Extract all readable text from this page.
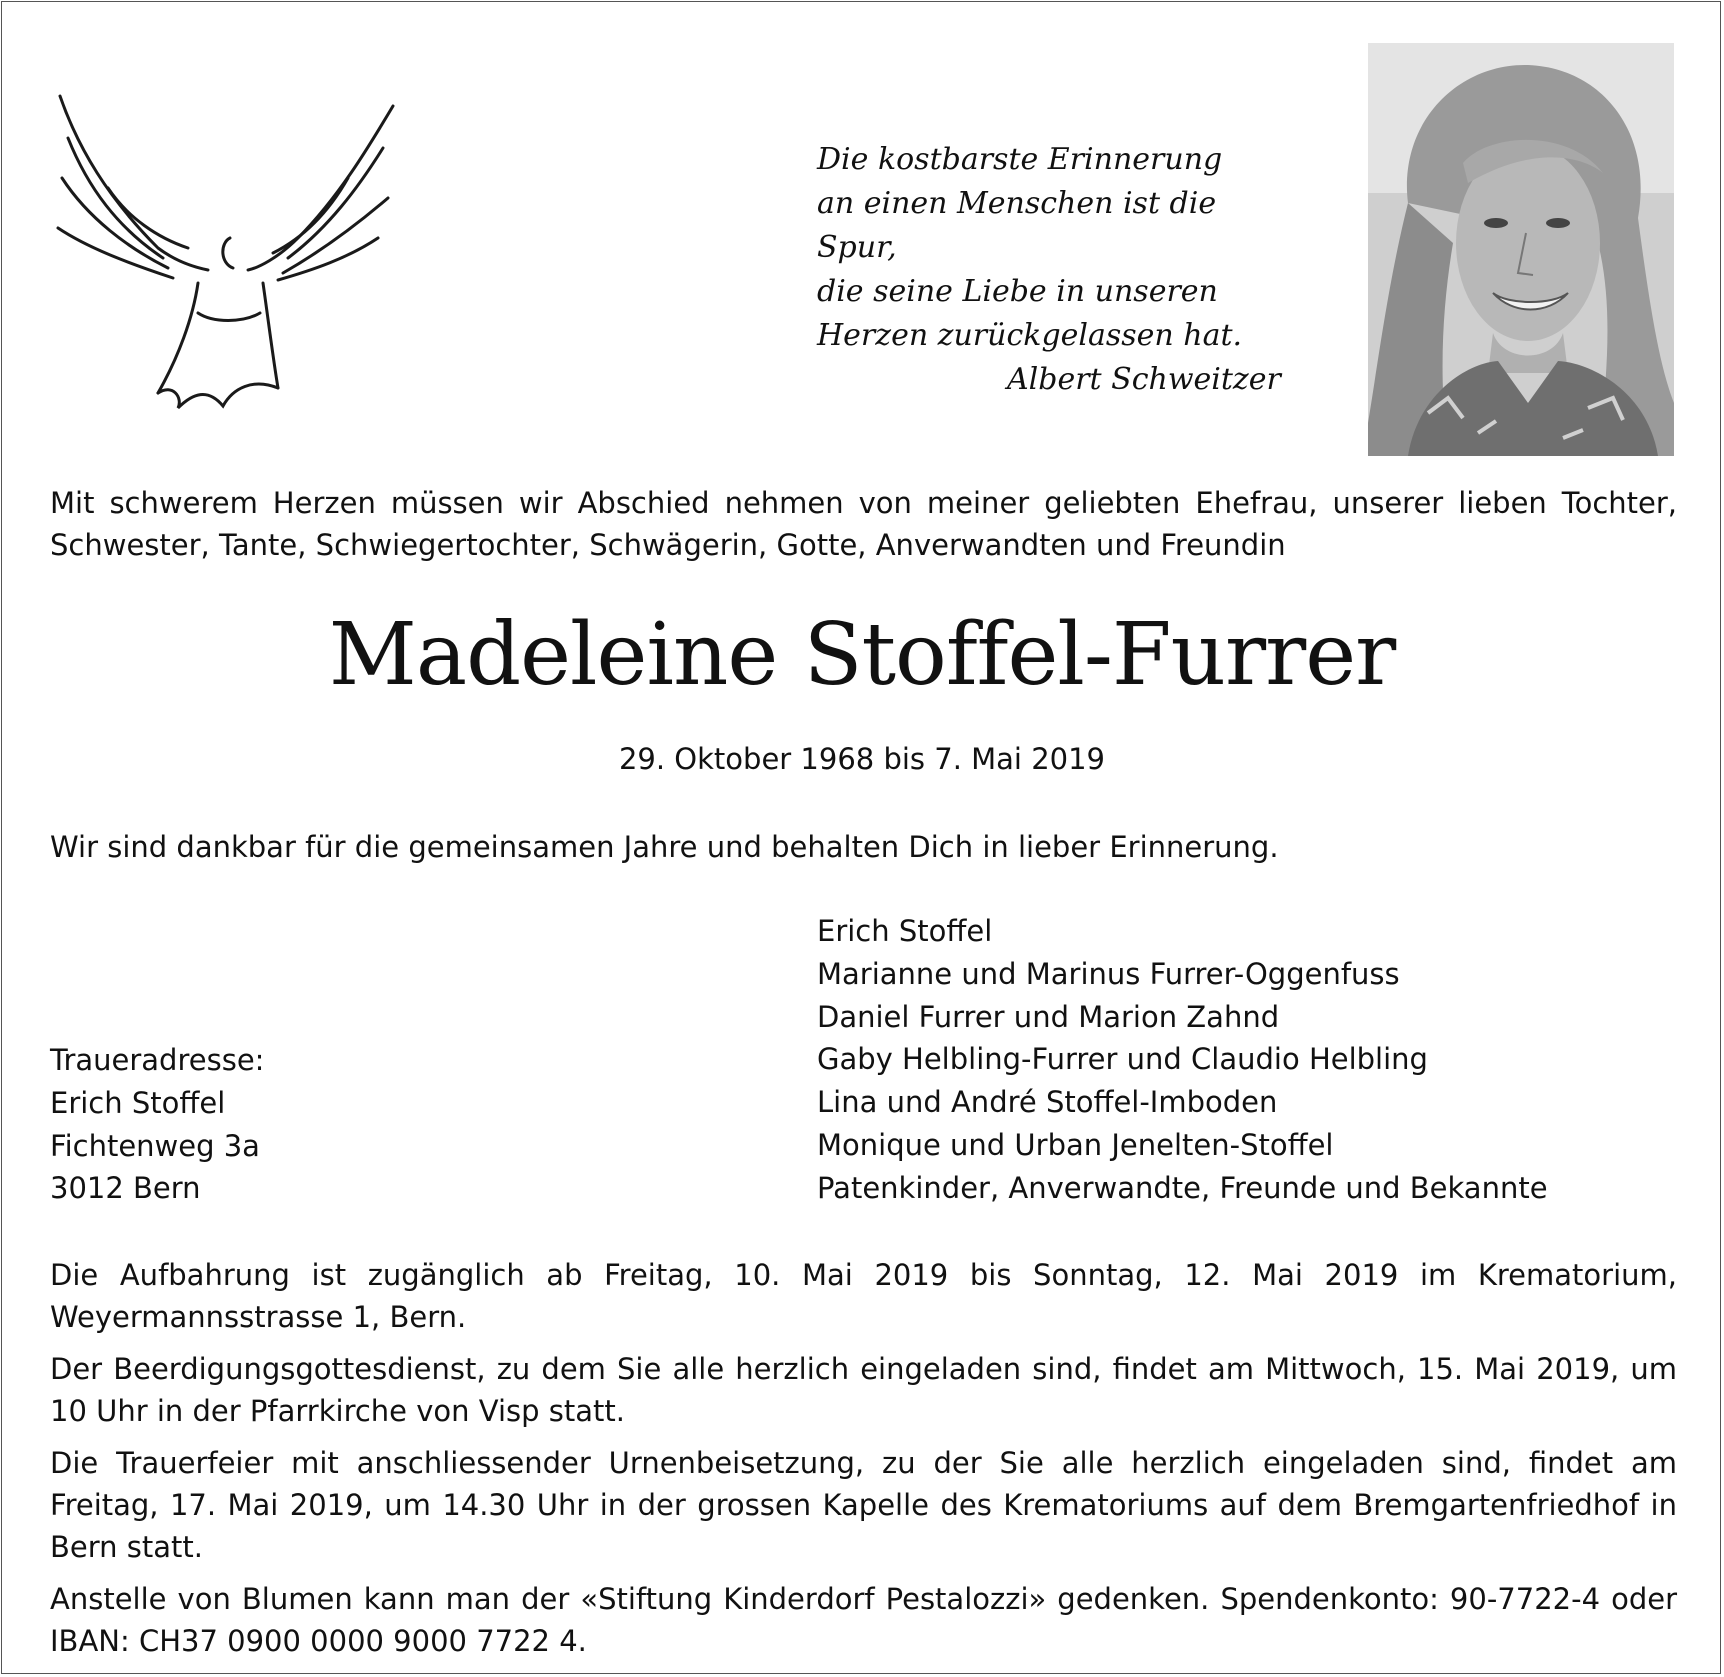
Die kostbarste Erinnerung
an einen Menschen ist die Spur,
die seine Liebe in unseren
Herzen zurückgelassen hat.
Albert Schweitzer
Mit schwerem Herzen müssen wir Abschied nehmen von meiner geliebten Ehefrau, unserer lieben Tochter, Schwester, Tante, Schwiegertochter, Schwägerin, Gotte, Anverwandten und Freundin
Madeleine Stoffel-Furrer
29. Oktober 1968 bis 7. Mai 2019
Wir sind dankbar für die gemeinsamen Jahre und behalten Dich in lieber Erinnerung.
Erich Stoffel
Marianne und Marinus Furrer-Oggenfuss
Daniel Furrer und Marion Zahnd
Gaby Helbling-Furrer und Claudio Helbling
Lina und André Stoffel-Imboden
Monique und Urban Jenelten-Stoffel
Patenkinder, Anverwandte, Freunde und Bekannte
Traueradresse:
Erich Stoffel
Fichtenweg 3a
3012 Bern

Die Aufbahrung ist zugänglich ab Freitag, 10. Mai 2019 bis Sonntag, 12. Mai 2019 im Krematorium, Weyermannsstrasse 1, Bern.

Der Beerdigungsgottesdienst, zu dem Sie alle herzlich eingeladen sind, findet am Mittwoch, 15. Mai 2019, um 10 Uhr in der Pfarrkirche von Visp statt.

Die Trauerfeier mit anschliessender Urnenbeisetzung, zu der Sie alle herzlich eingeladen sind, findet am Freitag, 17. Mai 2019, um 14.30 Uhr in der grossen Kapelle des Krematoriums auf dem Bremgartenfriedhof in Bern statt.

Anstelle von Blumen kann man der «Stiftung Kinderdorf Pestalozzi» gedenken. Spendenkonto: 90-7722-4 oder IBAN: CH37 0900 0000 9000 7722 4.
